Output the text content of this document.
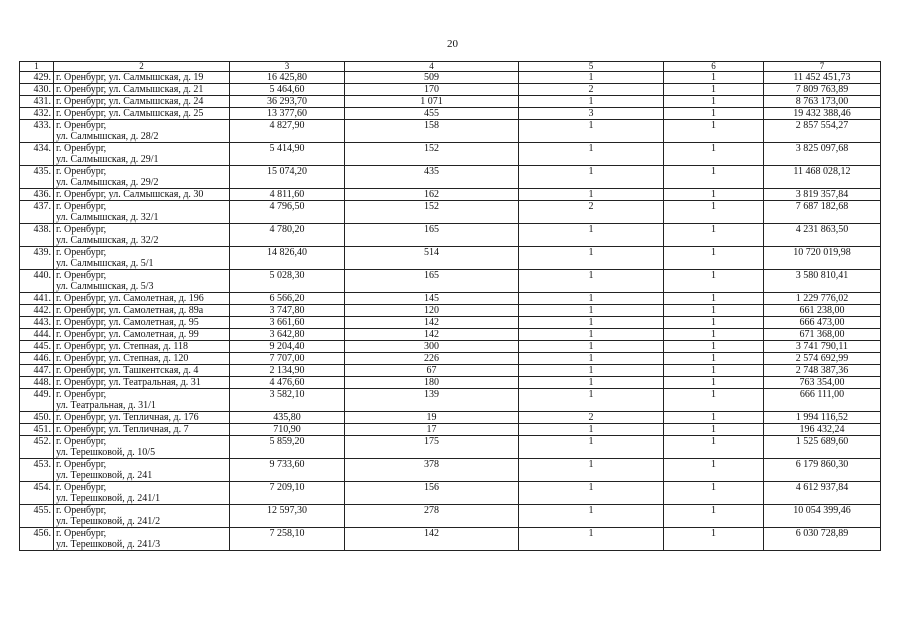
20
1	2	3	4	5	6	7
429.	г. Оренбург, ул. Салмышская, д. 19	16 425,80	509	1	1	11 452 451,73
430.	г. Оренбург, ул. Салмышская, д. 21	5 464,60	170	2	1	7 809 763,89
431.	г. Оренбург, ул. Салмышская, д. 24	36 293,70	1 071	1	1	8 763 173,00
432.	г. Оренбург, ул. Салмышская, д. 25	13 377,60	455	3	1	19 432 388,46
433.	г. Оренбург,
ул. Салмышская, д. 28/2	4 827,90	158	1	1	2 857 554,27
434.	г. Оренбург,
ул. Салмышская, д. 29/1	5 414,90	152	1	1	3 825 097,68
435.	г. Оренбург,
ул. Салмышская, д. 29/2	15 074,20	435	1	1	11 468 028,12
436.	г. Оренбург, ул. Салмышская, д. 30	4 811,60	162	1	1	3 819 357,84
437.	г. Оренбург,
ул. Салмышская, д. 32/1	4 796,50	152	2	1	7 687 182,68
438.	г. Оренбург,
ул. Салмышская, д. 32/2	4 780,20	165	1	1	4 231 863,50
439.	г. Оренбург,
ул. Салмышская, д. 5/1	14 826,40	514	1	1	10 720 019,98
440.	г. Оренбург,
ул. Салмышская, д. 5/3	5 028,30	165	1	1	3 580 810,41
441.	г. Оренбург, ул. Самолетная, д. 196	6 566,20	145	1	1	1 229 776,02
442.	г. Оренбург, ул. Самолетная, д. 89а	3 747,80	120	1	1	661 238,00
443.	г. Оренбург, ул. Самолетная, д. 95	3 661,60	142	1	1	666 473,00
444.	г. Оренбург, ул. Самолетная, д. 99	3 642,80	142	1	1	671 368,00
445.	г. Оренбург, ул. Степная, д. 118	9 204,40	300	1	1	3 741 790,11
446.	г. Оренбург, ул. Степная, д. 120	7 707,00	226	1	1	2 574 692,99
447.	г. Оренбург, ул. Ташкентская, д. 4	2 134,90	67	1	1	2 748 387,36
448.	г. Оренбург, ул. Театральная, д. 31	4 476,60	180	1	1	763 354,00
449.	г. Оренбург,
ул. Театральная, д. 31/1	3 582,10	139	1	1	666 111,00
450.	г. Оренбург, ул. Тепличная, д. 176	435,80	19	2	1	1 994 116,52
451.	г. Оренбург, ул. Тепличная, д. 7	710,90	17	1	1	196 432,24
452.	г. Оренбург,
ул. Терешковой, д. 10/5	5 859,20	175	1	1	1 525 689,60
453.	г. Оренбург,
ул. Терешковой, д. 241	9 733,60	378	1	1	6 179 860,30
454.	г. Оренбург,
ул. Терешковой, д. 241/1	7 209,10	156	1	1	4 612 937,84
455.	г. Оренбург,
ул. Терешковой, д. 241/2	12 597,30	278	1	1	10 054 399,46
456.	г. Оренбург,
ул. Терешковой, д. 241/3	7 258,10	142	1	1	6 030 728,89
